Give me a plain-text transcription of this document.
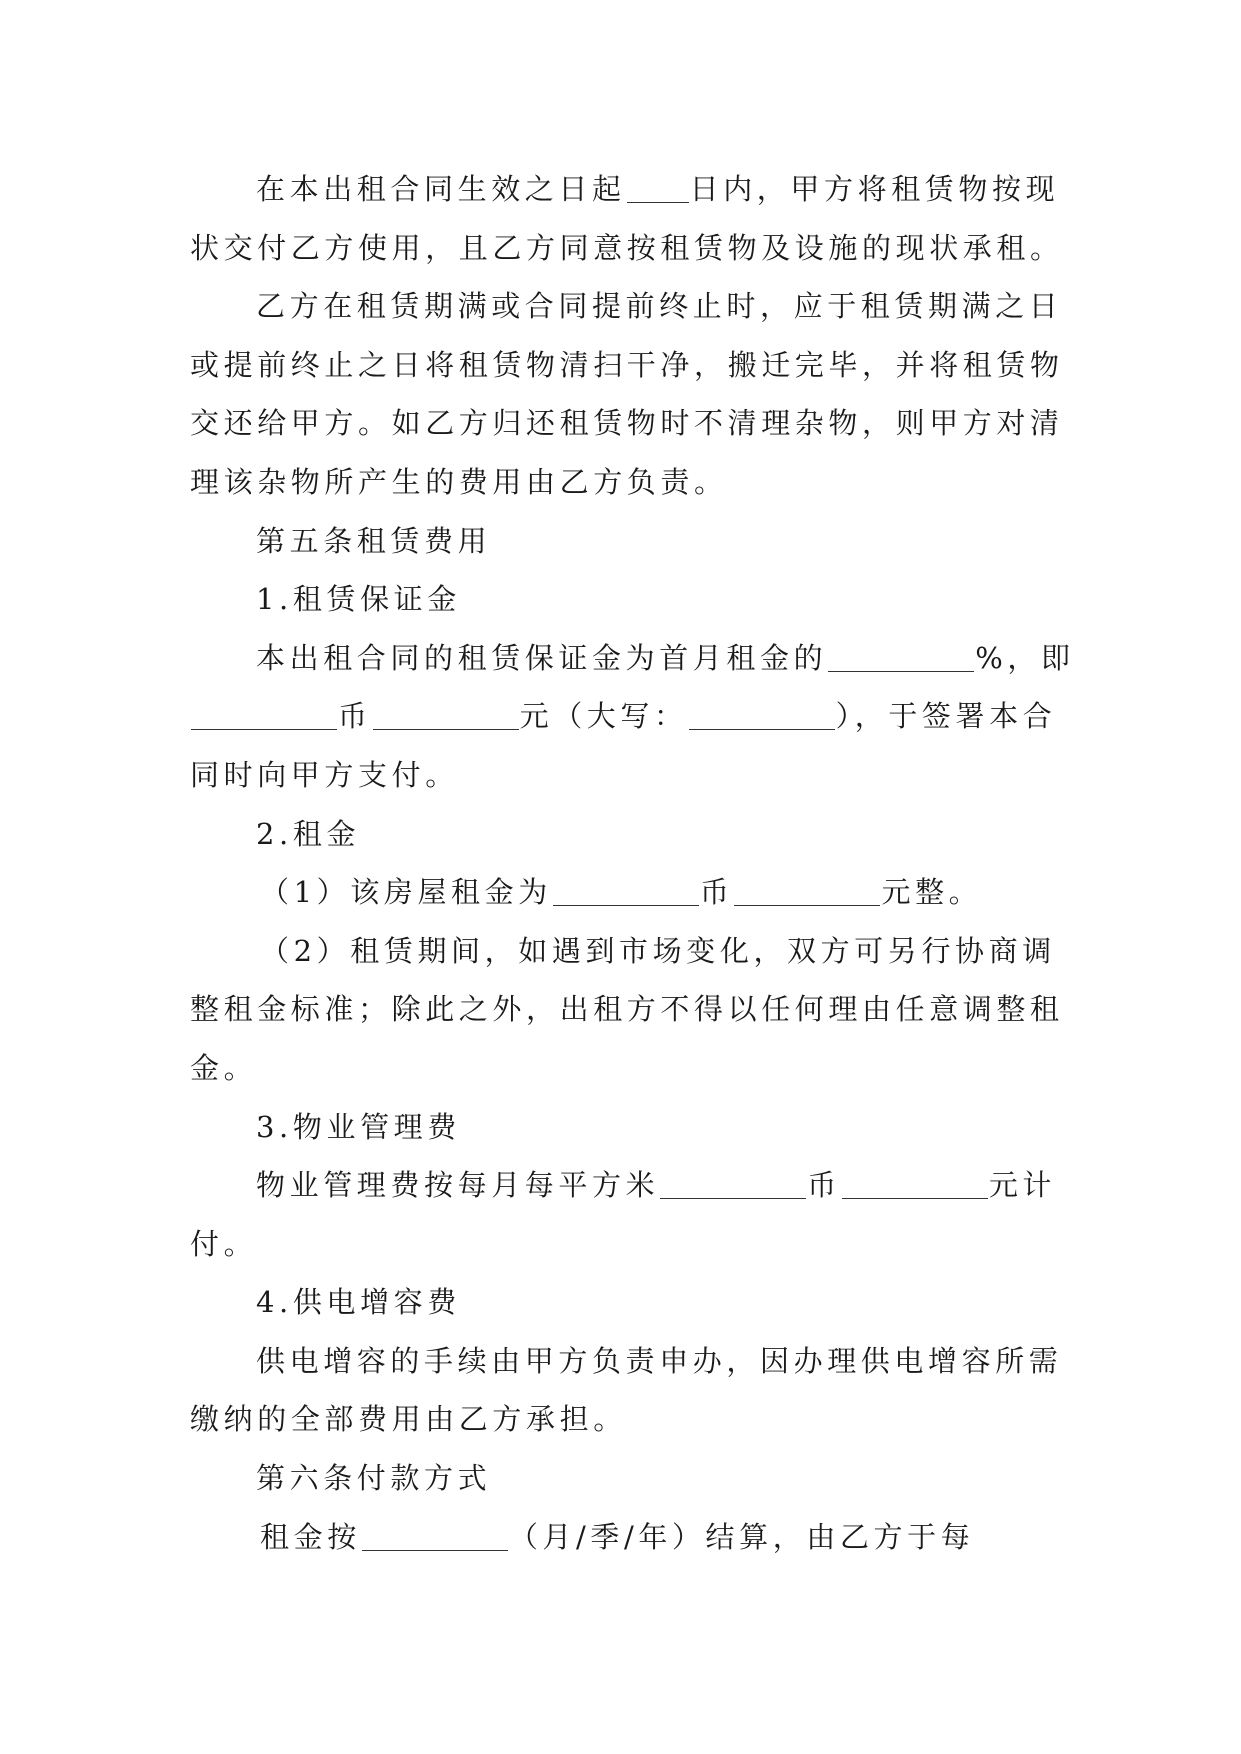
在本出租合同生效之日起 日内，甲方将租赁物按现
状交付乙方使用，且乙方同意按租赁物及设施的现状承租。
乙方在租赁期满或合同提前终止时，应于租赁期满之日
或提前终止之日将租赁物清扫干净，搬迁完毕，并将租赁物
交还给甲方。如乙方归还租赁物时不清理杂物，则甲方对清
理该杂物所产生的费用由乙方负责。
第五条租赁费用
1.租赁保证金
本出租合同的租赁保证金为首月租金的	%，即
币	元（大写：	），于签署本合
同时向甲方支付。
2.租金
（1）该房屋租金为	币	元整。
（2）租赁期间，如遇到市场变化，双方可另行协商调
整租金标准；除此之外，出租方不得以任何理由任意调整租
金。
3.物业管理费
物业管理费按每月每平方米	币	元计
付。
4.供电增容费
供电增容的手续由甲方负责申办，因办理供电增容所需
缴纳的全部费用由乙方承担。
第六条付款方式
租金按	（月/季/年）结算，由乙方于每
